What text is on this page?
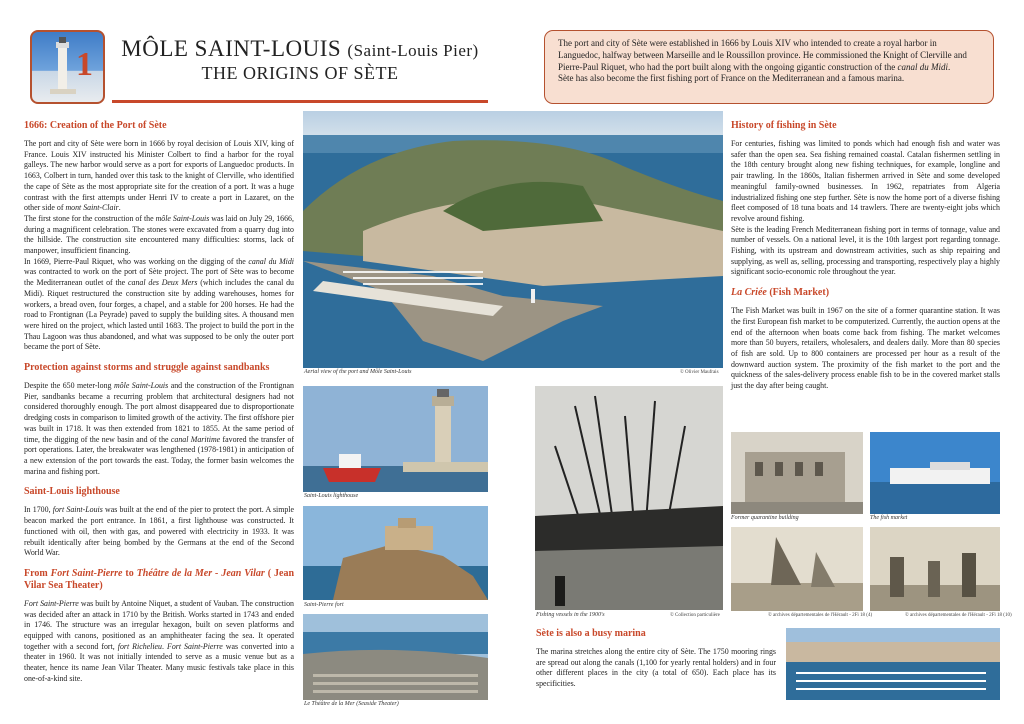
1	MÔLE SAINT-LOUIS (Saint-Louis Pier)
THE ORIGINS OF SÈTE
The port and city of Sète were established in 1666 by Louis XIV who intended to create a royal harbor in Languedoc, halfway between Marseille and le Roussillon province. He commissioned the Knight of Clerville and Pierre-Paul Riquet, who had the port built along with the ongoing gigantic construction of the canal du Midi.
Sète has also become the first fishing port of France on the Mediterranean and a famous marina.
1666: Creation of the Port of Sète

The port and city of Sète were born in 1666 by royal decision of Louis XIV, king of France. Louis XIV instructed his Minister Colbert to find a harbor for the royal galleys. The new harbor would serve as a port for exports of Languedoc products. In 1663, Colbert in turn, handed over this task to the knight of Clerville, who identified the cape of Sète as the most appropriate site for the creation of a port. It was a huge contrast with the first attempts under Henri IV to create a port in Lazaret, on the other side of mont Saint-Clair.

The first stone for the construction of the môle Saint-Louis was laid on July 29, 1666, during a magnificent celebration. The stones were excavated from a quarry dug into the hillside. The construction site encountered many difficulties: storms, lack of manpower, insufficient financing.

In 1669, Pierre-Paul Riquet, who was working on the digging of the canal du Midi was contracted to work on the port of Sète project. The port of Sète was to become the Mediterranean outlet of the canal des Deux Mers (which includes the canal du Midi). Riquet restructured the construction site by adding warehouses, homes for workers, a bread oven, four forges, a chapel, and a stable for 200 horses. He had the road to Frontignan (La Peyrade) paved to supply the building sites. A thousand men were hired on the project, which lasted until 1683. The project to build the port in the Thau Lagoon was thus abandoned, and what was supposed to be only the outer port became the port of Sète.

Protection against storms and struggle against sandbanks

Despite the 650 meter-long môle Saint-Louis and the construction of the Frontignan Pier, sandbanks became a recurring problem that architectural designers had not considered thoroughly enough. The port almost disappeared due to disproportionate dredging costs in comparison to limited growth of the activity. The first offshore pier was built in 1718. It was then extended from 1821 to 1855. At the same period of time, the digging of the new basin and of the canal Maritime favored the transfer of port operations. Later, the breakwater was lengthened (1978-1981) in anticipation of a new extension of the port towards the east. Today, the former basin welcomes the marina and fishing port.

Saint-Louis lighthouse

In 1700, fort Saint-Louis was built at the end of the pier to protect the port. A simple beacon marked the port entrance. In 1861, a first lighthouse was constructed. It functioned with oil, then with gas, and powered with electricity in 1933. It was rebuilt identically after being bombed by the Germans at the end of the Second World War.

From Fort Saint-Pierre to Théâtre de la Mer - Jean Vilar ( Jean Vilar Sea Theater)

Fort Saint-Pierre was built by Antoine Niquet, a student of Vauban. The construction was decided after an attack in 1710 by the British. Works started in 1743 and ended in 1746. The structure was an irregular hexagon, built on seven platforms and equipped with canons, positioned as an amphitheater facing the sea. It operated together with a second fort, fort Richelieu. Fort Saint-Pierre was converted into a theater in 1960. It was not initially intended to serve as a music venue but as a theater, hence its name Jean Vilar Theater. Many music festivals take place in this one-of-a-kind site.

Aerial view of the port and Môle Saint-Louis	© Olivier Maufrais
Saint-Louis lighthouse
Saint-Pierre fort
Le Théâtre de la Mer (Seaside Theater)
Fishing vessels in the 1900's	© Collection particulière
Sète is also a busy marina

The marina stretches along the entire city of Sète. The 1750 mooring rings are spread out along the canals (1,100 for yearly rental holders) and in four other different places in the city (a total of 650). Each place has its specificities.

History of fishing in Sète

For centuries, fishing was limited to ponds which had enough fish and water was safer than the open sea. Sea fishing remained coastal. Catalan fishermen settling in the 18th century brought along new fishing techniques, for example, longline and pair trawling. In the 1860s, Italian fishermen arrived in Sète and some developed meaningful family-owned businesses. In 1962, repatriates from Algeria industrialized fishing one step further. Sète is now the home port of a diverse fishing fleet composed of 18 tuna boats and 14 trawlers. There are twenty-eight jobs which revolve around fishing.

Sète is the leading French Mediterranean fishing port in terms of tonnage, value and number of vessels. On a national level, it is the 10th largest port regarding tonnage. Fishing, with its upstream and downstream activities, such as ship repairing and supplying, as well as, selling, processing and transporting, respectively play a highly significant socio-economic role throughout the year.

La Criée (Fish Market)

The Fish Market was built in 1967 on the site of a former quarantine station. It was the first European fish market to be computerized. Currently, the auction opens at the end of the afternoon when boats come back from fishing. The market welcomes more than 50 buyers, retailers, wholesalers, and dealers daily. More than 80 species of fish are sold. Up to 800 containers are processed per hour as a result of the downward auction system. The proximity of the fish market to the port and the quickness of the sales-delivery process enable fish to be in the covered market stalls just the day after being caught.

Former quarantine building	The fish market
© archives départementales de l'Hérault - 2Fi 18 (4)	© archives départementales de l'Hérault - 2Fi 18 (10)
